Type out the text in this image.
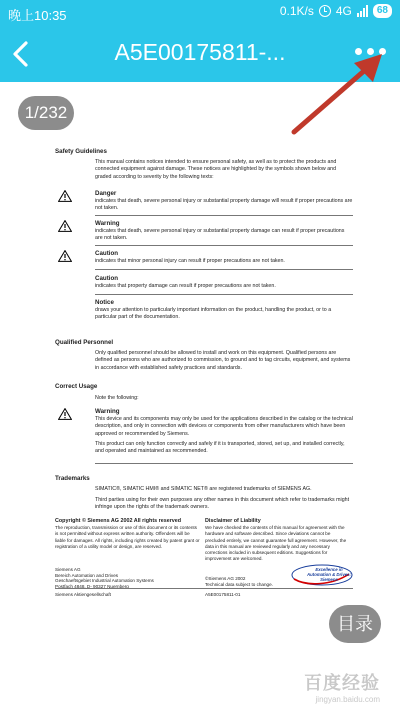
晚上10:35	0.1K/s 4G	68
A5E00175811-...
1/232
Safety Guidelines
This manual contains notices intended to ensure personal safety, as well as to protect the products and connected equipment against damage. These notices are highlighted by the symbols shown below and graded according to severity by the following texts:
Danger
indicates that death, severe personal injury or substantial property damage will result if proper precautions are not taken.
Warning
indicates that death, severe personal injury or substantial property damage can result if proper precautions are not taken.
Caution
indicates that minor personal injury can result if proper precautions are not taken.
Caution
indicates that property damage can result if proper precautions are not taken.
Notice
draws your attention to particularly important information on the product, handling the product, or to a particular part of the documentation.
Qualified Personnel
Only qualified personnel should be allowed to install and work on this equipment. Qualified persons are defined as persons who are authorized to commission, to ground and to tag circuits, equipment, and systems in accordance with established safety practices and standards.
Correct Usage
Note the following:
Warning
This device and its components may only be used for the applications described in the catalog or the technical description, and only in connection with devices or components from other manufacturers which have been approved or recommended by Siemens.
This product can only function correctly and safely if it is transported, stored, set up, and installed correctly, and operated and maintained as recommended.
Trademarks
SIMATIC®, SIMATIC HMI® and SIMATIC NET® are registered trademarks of SIEMENS AG.
Third parties using for their own purposes any other names in this document which refer to trademarks might infringe upon the rights of the trademark owners.
Copyright © Siemens AG 2002 All rights reserved
The reproduction, transmission or use of this document or its contents is not permitted without express written authority. Offenders will be liable for damages. All rights, including rights created by patent grant or registration of a utility model or design, are reserved.
Disclaimer of Liability
We have checked the contents of this manual for agreement with the hardware and software described. Since deviations cannot be precluded entirely, we cannot guarantee full agreement. However, the data in this manual are reviewed regularly and any necessary corrections included in subsequent editions. Suggestions for improvement are welcomed.
Siemens AG
Bereich Automation and Drives
Geschaeftsgebiet Industrial Automation Systems
Postfach 4848, D- 90327 Nuernberg
©Siemens AG 2002
Technical data subject to change.
Excellence in Automation & Drives: Siemens
Siemens Aktiengesellschaft	A5E00175811-01
目录
百度经验
jingyan.baidu.com
